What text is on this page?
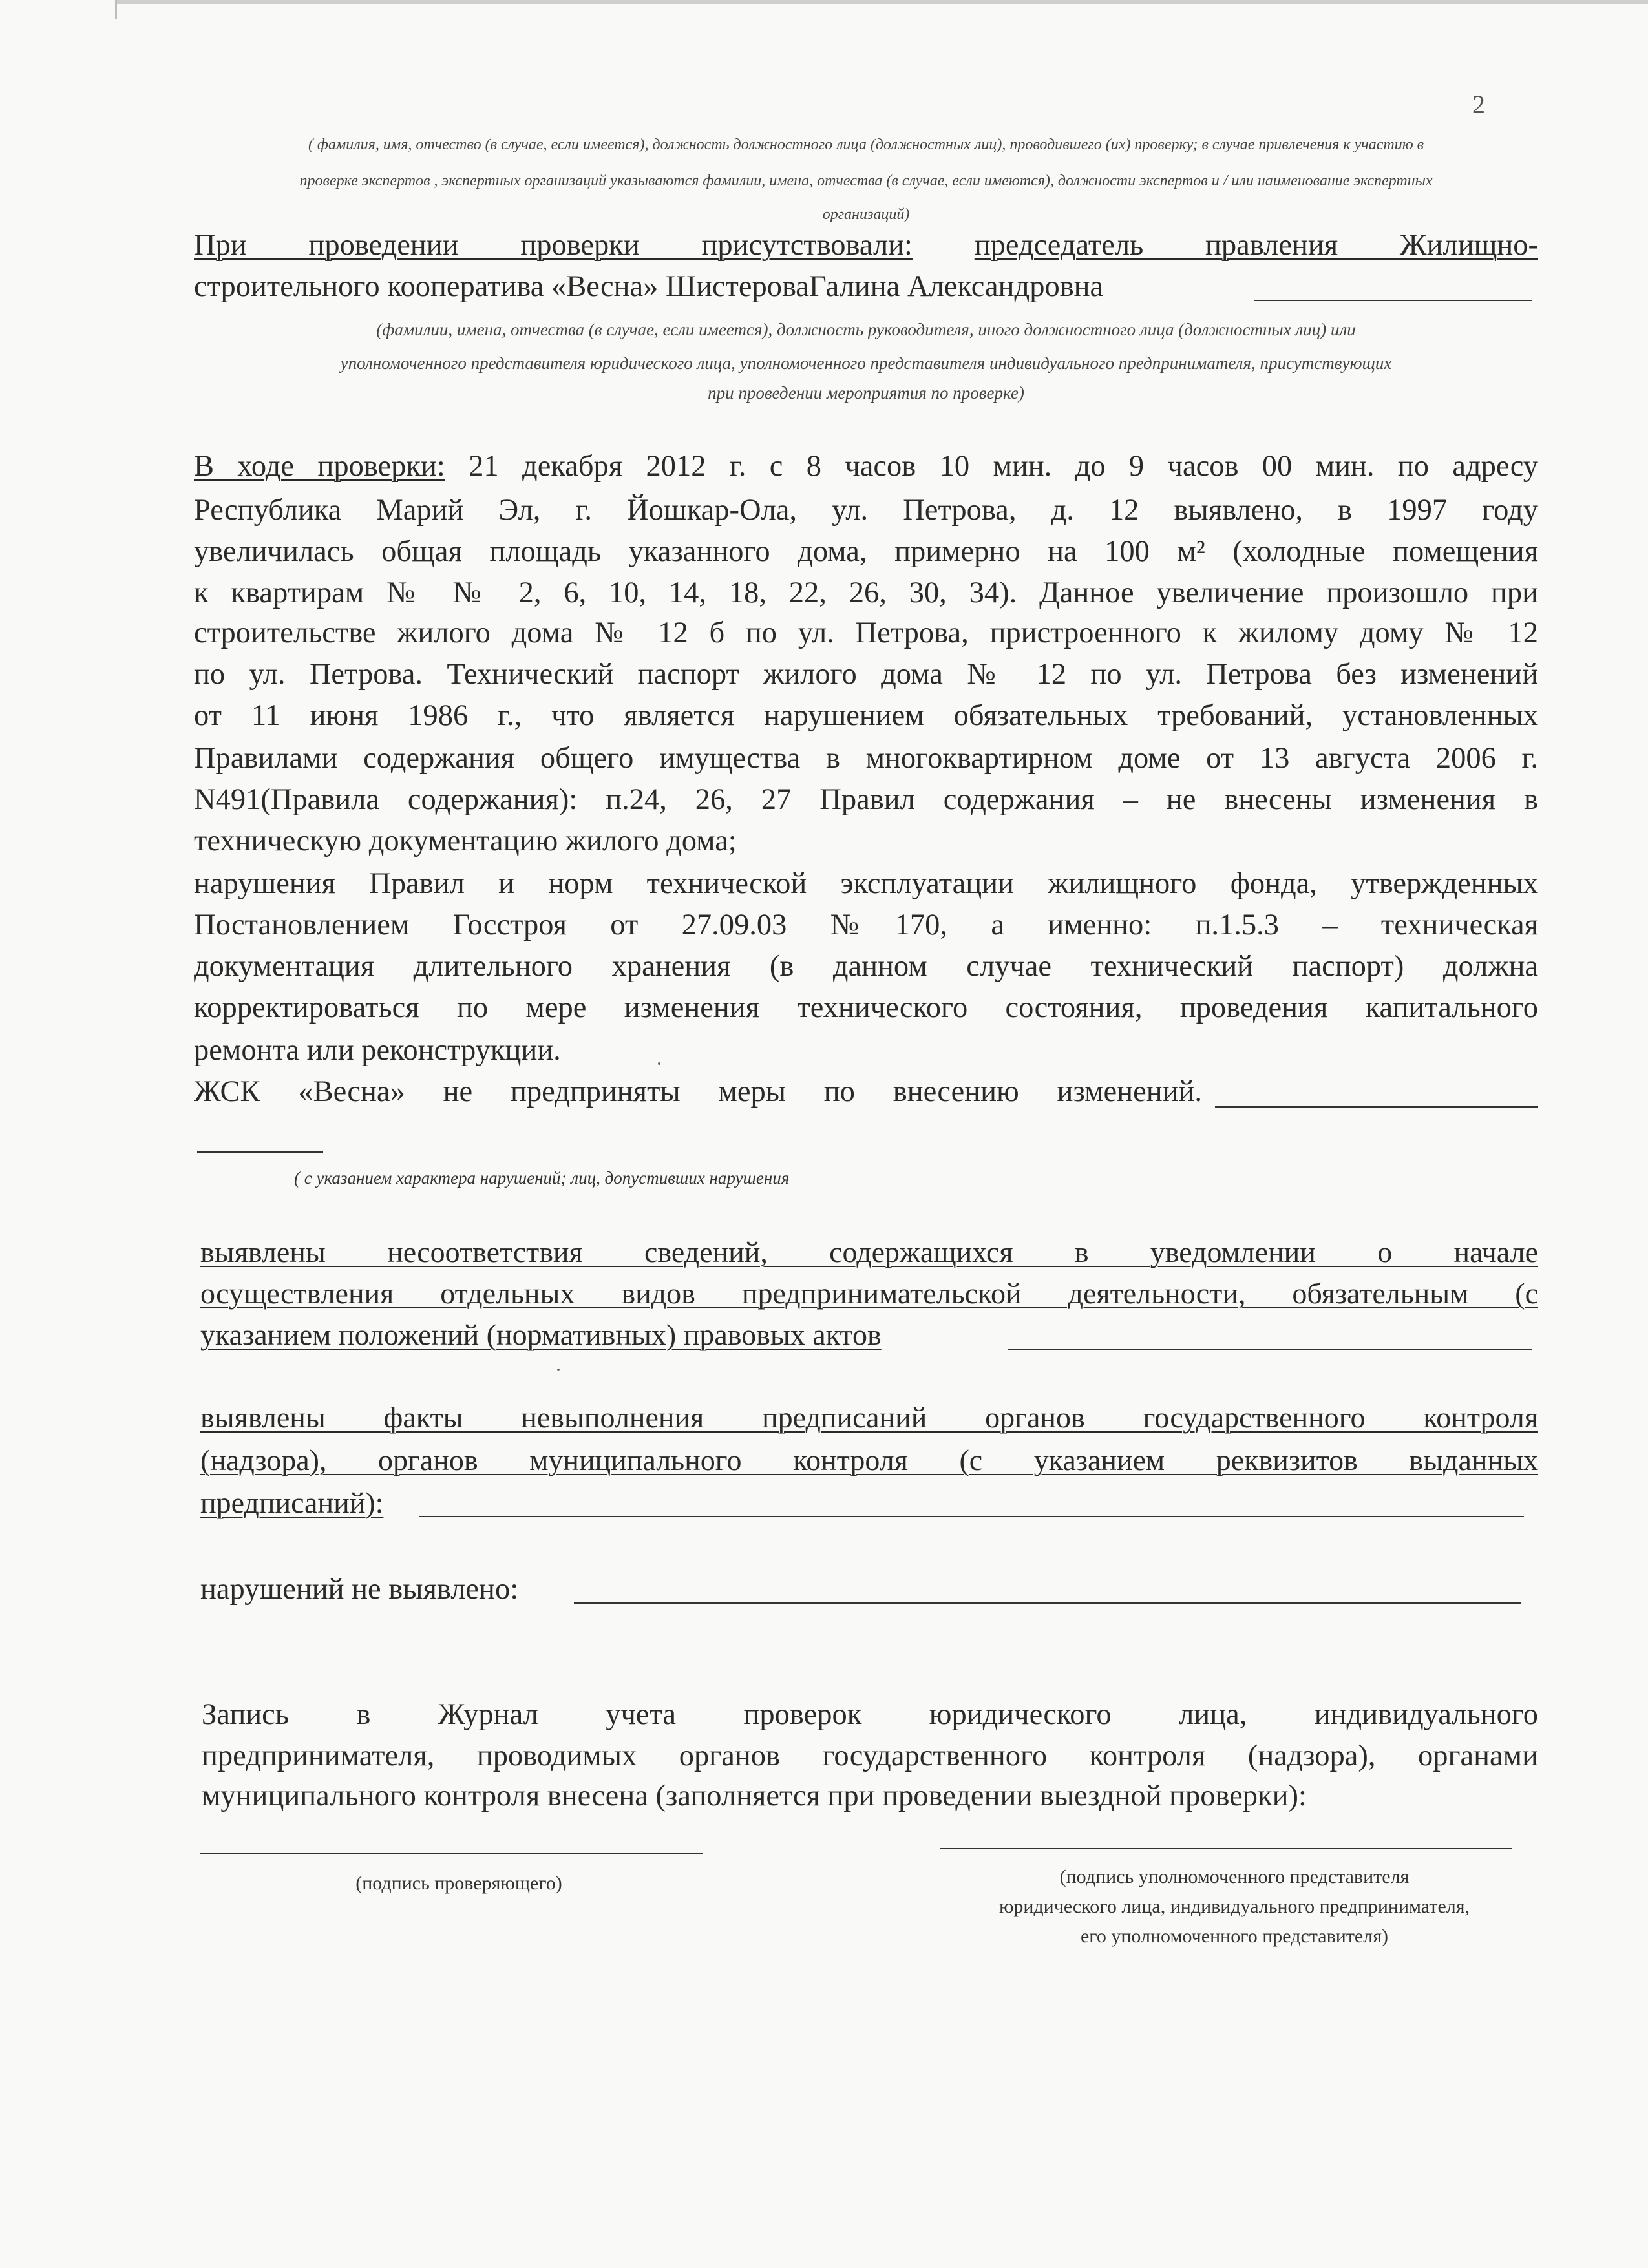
2
( фамилия, имя, отчество (в случае, если имеется), должность должностного лица (должностных лиц), проводившего (их) проверку; в случае привлечения к участию в
проверке экспертов , экспертных организаций указываются фамилии, имена, отчества (в случае, если имеются), должности экспертов и / или наименование экспертных
организаций)
При проведении проверки присутствовали: председатель правления Жилищно-
строительного кооператива «Весна» ШистероваГалина Александровна
(фамилии, имена, отчества (в случае, если имеется), должность руководителя, иного должностного лица (должностных лиц) или
уполномоченного представителя юридического лица, уполномоченного представителя индивидуального предпринимателя, присутствующих
при проведении мероприятия по проверке)
В ходе проверки: 21 декабря 2012 г. с 8 часов 10 мин. до 9 часов 00 мин. по адресу
Республика Марий Эл, г. Йошкар-Ола, ул. Петрова, д. 12 выявлено, в 1997 году
увеличилась общая площадь указанного дома, примерно на 100 м² (холодные помещения
к квартирам № № 2, 6, 10, 14, 18, 22, 26, 30, 34). Данное увеличение произошло при
строительстве жилого дома № 12 б по ул. Петрова, пристроенного к жилому дому № 12
по ул. Петрова. Технический паспорт жилого дома № 12 по ул. Петрова без изменений
от 11 июня 1986 г., что является нарушением обязательных требований, установленных
Правилами содержания общего имущества в многоквартирном доме от 13 августа 2006 г.
N491(Правила содержания): п.24, 26, 27 Правил содержания – не внесены изменения в
техническую документацию жилого дома;
нарушения Правил и норм технической эксплуатации жилищного фонда, утвержденных
Постановлением Госстроя от 27.09.03 №170, а именно: п.1.5.3 – техническая
документация длительного хранения (в данном случае технический паспорт) должна
корректироваться по мере изменения технического состояния, проведения капитального
ремонта или реконструкции.
ЖСК «Весна» не предприняты меры по внесению изменений.
( с указанием характера нарушений; лиц, допустивших нарушения
выявлены несоответствия сведений, содержащихся в уведомлении о начале
осуществления отдельных видов предпринимательской деятельности, обязательным (с
указанием положений (нормативных) правовых актов
выявлены факты невыполнения предписаний органов государственного контроля
(надзора), органов муниципального контроля (с указанием реквизитов выданных
предписаний):
нарушений не выявлено:
Запись в Журнал учета проверок юридического лица, индивидуального
предпринимателя, проводимых органов государственного контроля (надзора), органами
муниципального контроля внесена (заполняется при проведении выездной проверки):
(подпись проверяющего)	(подпись уполномоченного представителя
юридического лица, индивидуального предпринимателя,
его уполномоченного представителя)
